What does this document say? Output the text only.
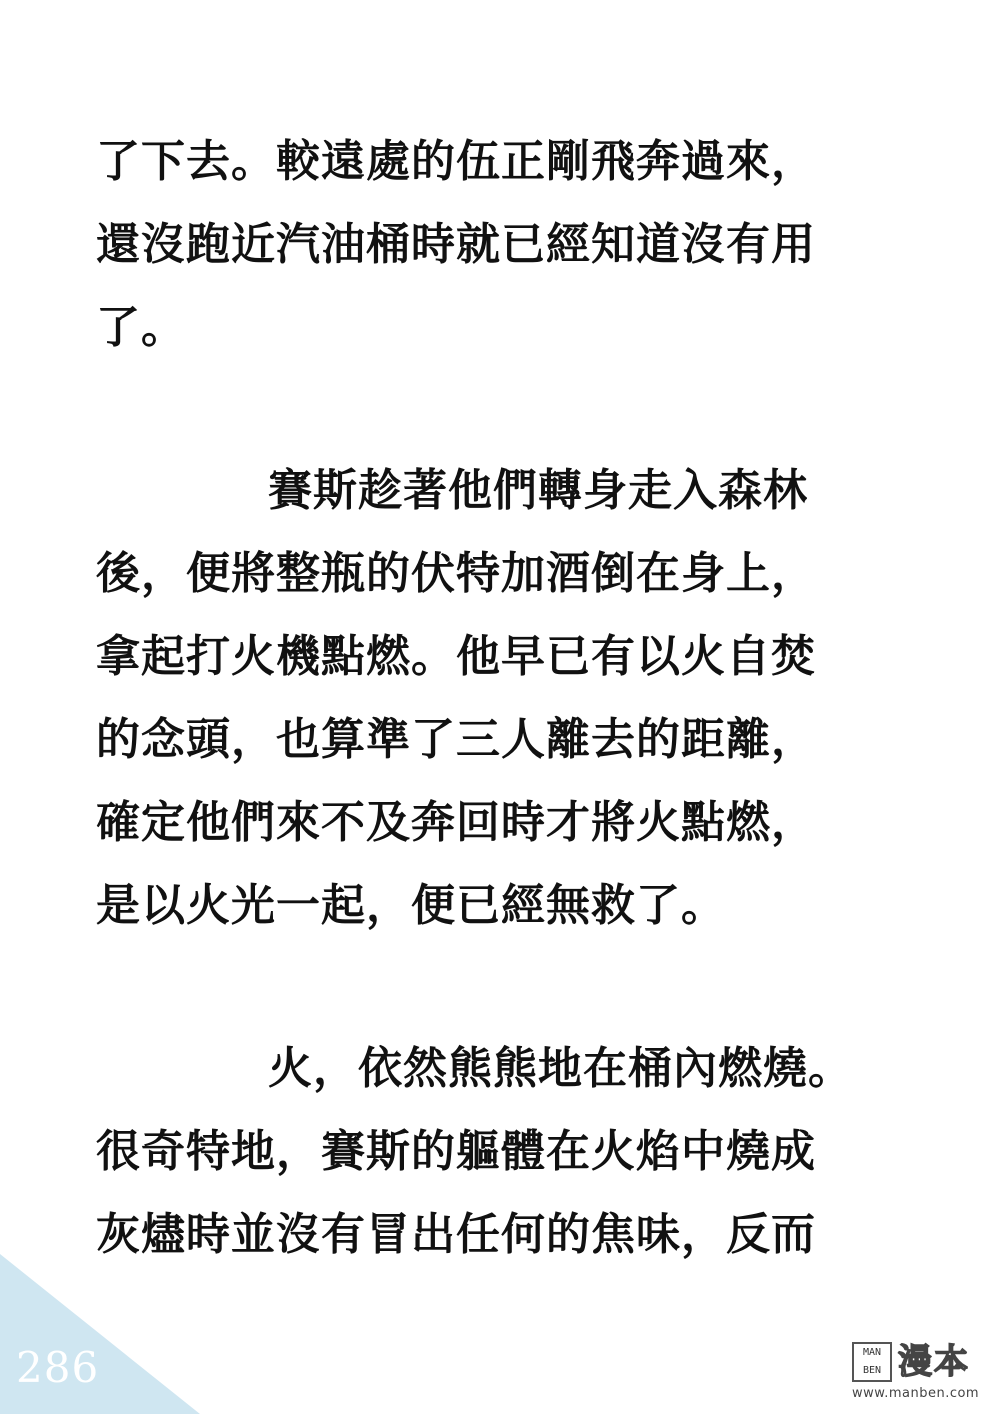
了下去。較遠處的伍正剛飛奔過來，
還沒跑近汽油桶時就已經知道沒有用
了。
賽斯趁著他們轉身走入森林
後，便將整瓶的伏特加酒倒在身上，
拿起打火機點燃。他早已有以火自焚
的念頭，也算準了三人離去的距離，
確定他們來不及奔回時才將火點燃，
是以火光一起，便已經無救了。
火，依然熊熊地在桶內燃燒。
很奇特地，賽斯的軀體在火焰中燒成
灰燼時並沒有冒出任何的焦味，反而
286	MAN
BEN 漫本
www.manben.com
